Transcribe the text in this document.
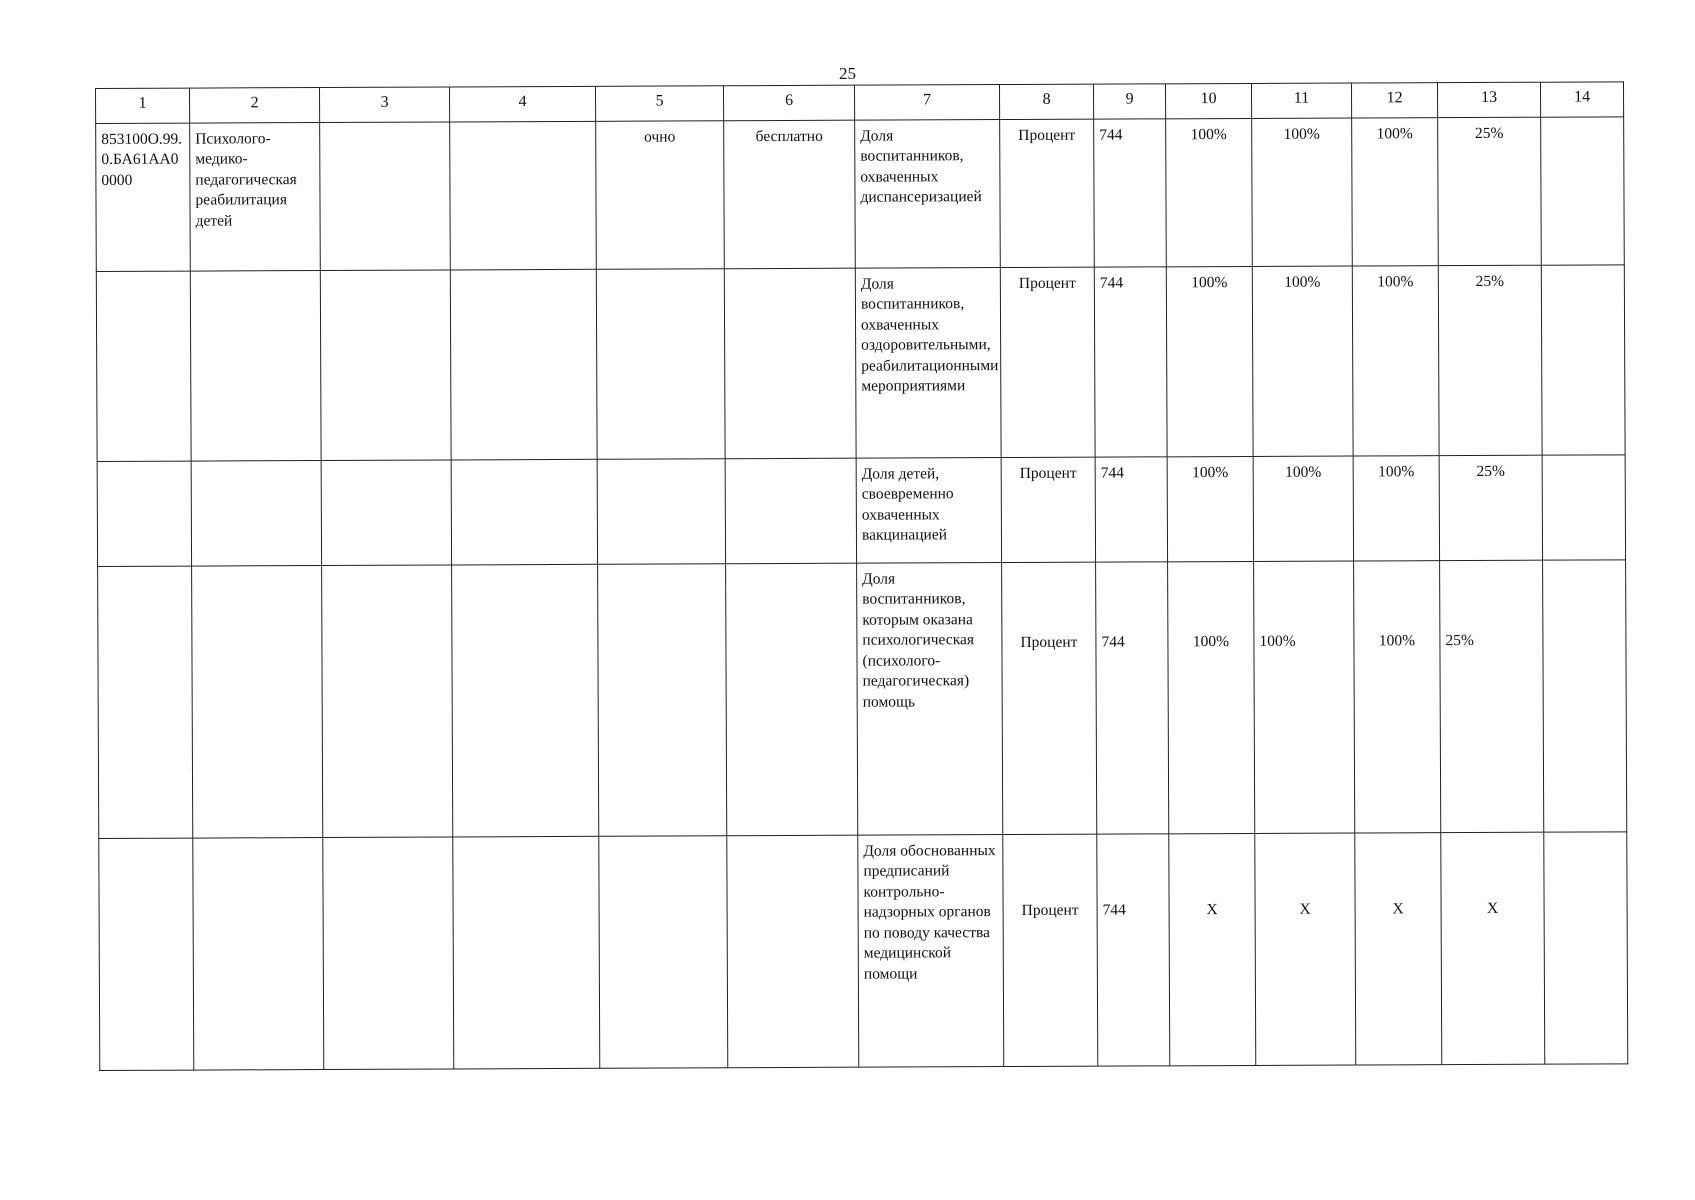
25
1	2	3	4	5	6	7	8	9	10	11	12	13	14
853100О.99.0.БА61АА00000	Психолого-медико-педагогическая реабилитация детей			очно	бесплатно	Доля воспитанников, охваченных диспансеризацией	Процент	744	100%	100%	100%	25%	
						Доля воспитанников, охваченных оздоровительными, реабилитационными мероприятиями	Процент	744	100%	100%	100%	25%	
						Доля детей, своевременно охваченных вакцинацией	Процент	744	100%	100%	100%	25%	
						Доля воспитанников, которым оказана психологическая (психолого-педагогическая) помощь	Процент	744	100%	100%	100%	25%	
						Доля обоснованных предписаний контрольно-надзорных органов по поводу качества медицинской помощи	Процент	744	X	X	X	X	
